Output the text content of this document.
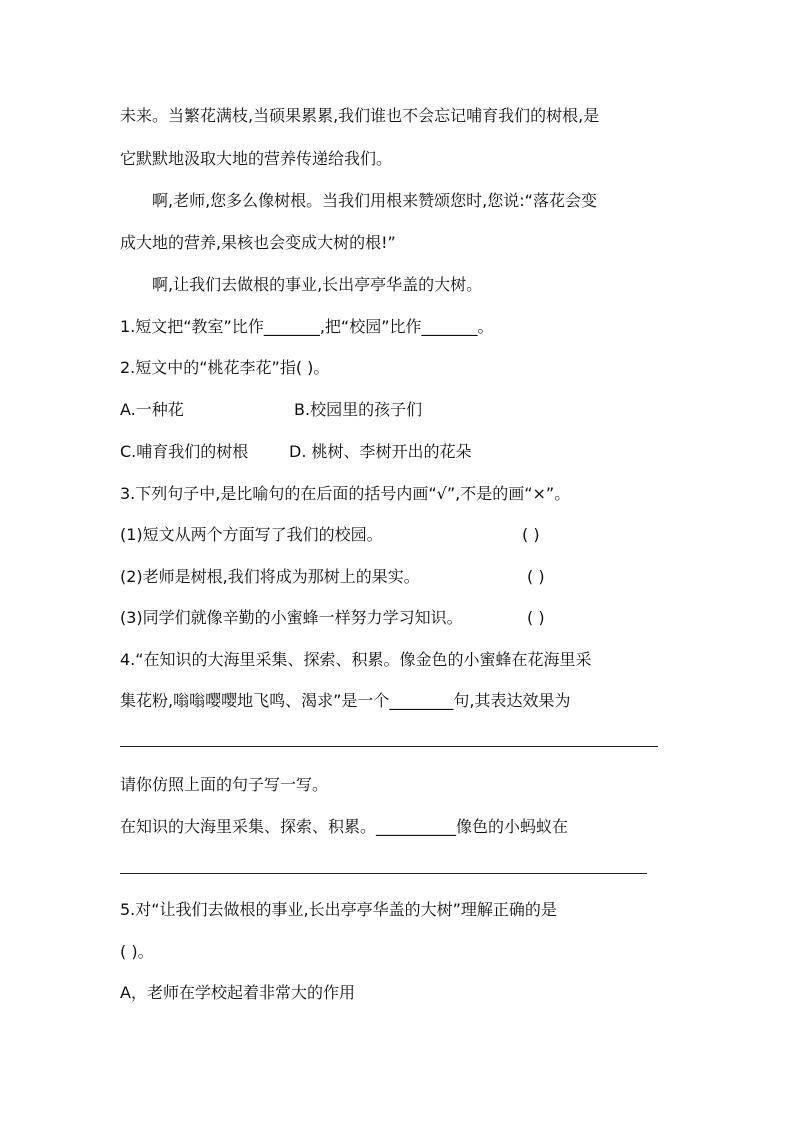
未来。当繁花满枝,当硕果累累,我们谁也不会忘记哺育我们的树根,是
它默默地汲取大地的营养传递给我们。
啊,老师,您多么像树根。当我们用根来赞颂您时,您说:“落花会变
成大地的营养,果核也会变成大树的根!”
啊,让我们去做根的事业,长出亭亭华盖的大树。
1.短文把“教室”比作_______,把“校园”比作_______。
2.短文中的“桃花李花”指( )。
A.一种花	B.校园里的孩子们
C.哺育我们的树根	D. 桃树、李树开出的花朵
3.下列句子中,是比喻句的在后面的括号内画“√”,不是的画“×”。
(1)短文从两个方面写了我们的校园。	( )
(2)老师是树根,我们将成为那树上的果实。	( )
(3)同学们就像辛勤的小蜜蜂一样努力学习知识。	( )
4.“在知识的大海里采集、探索、积累。像金色的小蜜蜂在花海里采
集花粉,嗡嗡嘤嘤地飞鸣、渴求”是一个________句,其表达效果为
请你仿照上面的句子写一写。
在知识的大海里采集、探索、积累。__________像色的小蚂蚁在
5.对“让我们去做根的事业,长出亭亭华盖的大树”理解正确的是
( )。
A，老师在学校起着非常大的作用
